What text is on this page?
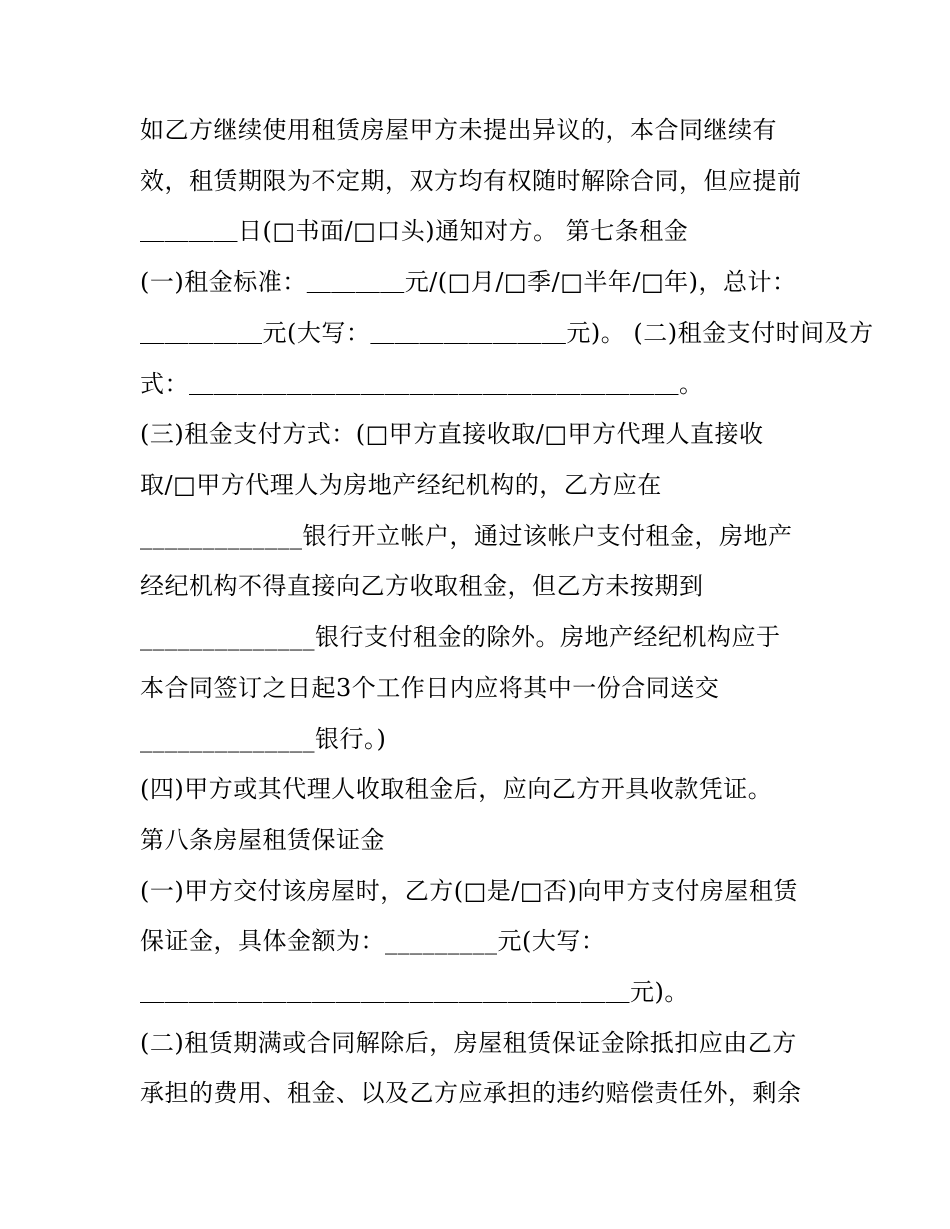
如乙方继续使用租赁房屋甲方未提出异议的，本合同继续有
效，租赁期限为不定期，双方均有权随时解除合同，但应提前
＿＿＿＿日(□书面/□口头)通知对方。 第七条租金
(一)租金标准：＿＿＿＿元/(□月/□季/□半年/□年)，总计：
＿＿＿＿＿元(大写：＿＿＿＿＿＿＿＿元)。 (二)租金支付时间及方
式：＿＿＿＿＿＿＿＿＿＿＿＿＿＿＿＿＿＿＿＿。
(三)租金支付方式：(□甲方直接收取/□甲方代理人直接收
取/□甲方代理人为房地产经纪机构的，乙方应在
_____________银行开立帐户，通过该帐户支付租金，房地产
经纪机构不得直接向乙方收取租金，但乙方未按期到
______________银行支付租金的除外。房地产经纪机构应于
本合同签订之日起3个工作日内应将其中一份合同送交
______________银行。)
(四)甲方或其代理人收取租金后，应向乙方开具收款凭证。
第八条房屋租赁保证金
(一)甲方交付该房屋时，乙方(□是/□否)向甲方支付房屋租赁
保证金，具体金额为：_________元(大写：
＿＿＿＿＿＿＿＿＿＿＿＿＿＿＿＿＿＿＿＿元)。
(二)租赁期满或合同解除后，房屋租赁保证金除抵扣应由乙方
承担的费用、租金、以及乙方应承担的违约赔偿责任外，剩余
